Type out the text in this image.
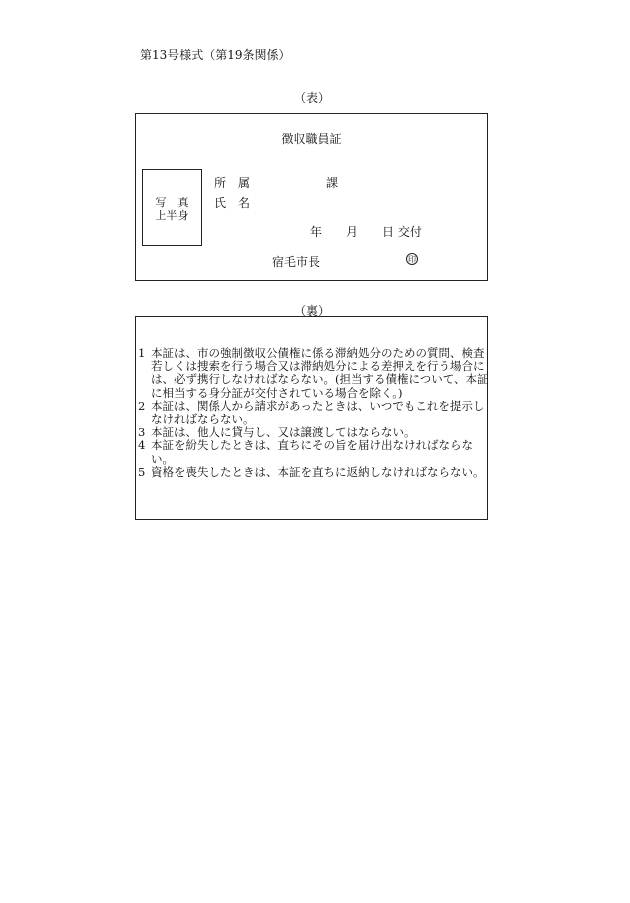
第13号様式（第19条関係）
（表）
徴収職員証
写　真
上半身
所　属	課
氏　名
年　　月　　日 交付
宿毛市長	印
（裏）
1 本証は、市の強制徴収公債権に係る滞納処分のための質問、検査若しくは捜索を行う場合又は滞納処分による差押えを行う場合には、必ず携行しなければならない。(担当する債権について、本証に相当する身分証が交付されている場合を除く。)
2 本証は、関係人から請求があったときは、いつでもこれを提示しなければならない。
3 本証は、他人に貸与し、又は譲渡してはならない。
4 本証を紛失したときは、直ちにその旨を届け出なければならない。
5 資格を喪失したときは、本証を直ちに返納しなければならない。
